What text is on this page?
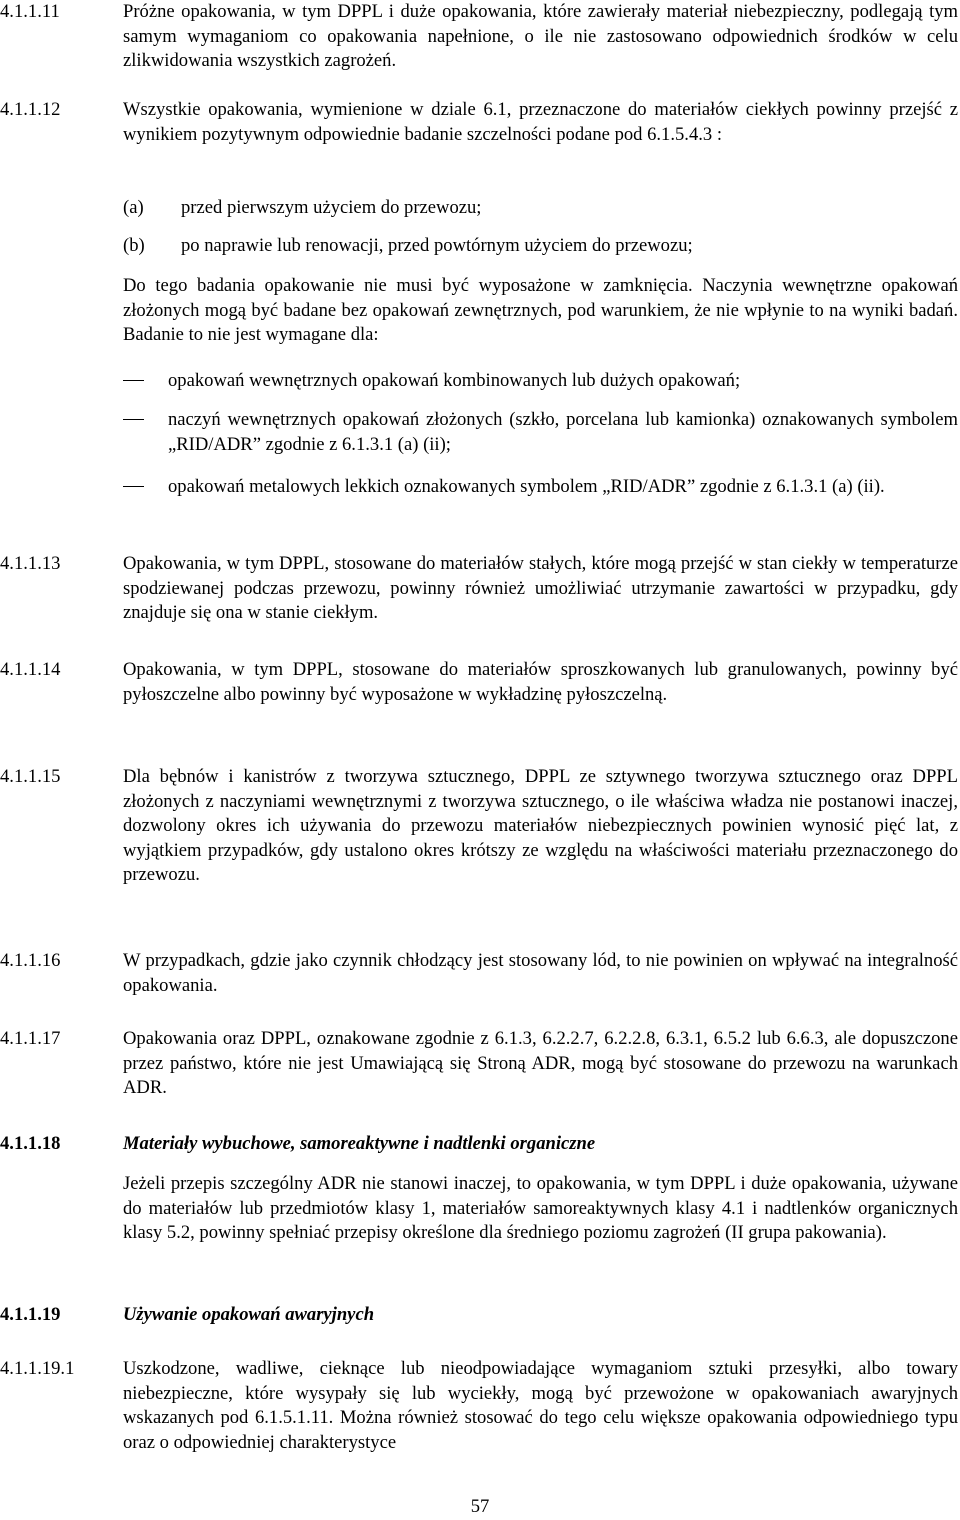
4.1.1.11	Próżne opakowania, w tym DPPL i duże opakowania, które zawierały materiał niebezpieczny, podlegają tym samym wymaganiom co opakowania napełnione, o ile nie zastosowano odpowiednich środków w celu zlikwidowania wszystkich zagrożeń.
4.1.1.12	Wszystkie opakowania, wymienione w dziale 6.1, przeznaczone do materiałów ciekłych powinny przejść z wynikiem pozytywnym odpowiednie badanie szczelności podane pod 6.1.5.4.3 :
(a)	przed pierwszym użyciem do przewozu;
(b)	po naprawie lub renowacji, przed powtórnym użyciem do przewozu;
Do tego badania opakowanie nie musi być wyposażone w zamknięcia. Naczynia wewnętrzne opakowań złożonych mogą być badane bez opakowań zewnętrznych, pod warunkiem, że nie wpłynie to na wyniki badań. Badanie to nie jest wymagane dla:
opakowań wewnętrznych opakowań kombinowanych lub dużych opakowań;
naczyń wewnętrznych opakowań złożonych (szkło, porcelana lub kamionka) oznakowanych symbolem „RID/ADR” zgodnie z 6.1.3.1 (a) (ii);
opakowań metalowych lekkich oznakowanych symbolem „RID/ADR” zgodnie z 6.1.3.1 (a) (ii).
4.1.1.13	Opakowania, w tym DPPL, stosowane do materiałów stałych, które mogą przejść w stan ciekły w temperaturze spodziewanej podczas przewozu, powinny również umożliwiać utrzymanie zawartości w przypadku, gdy znajduje się ona w stanie ciekłym.
4.1.1.14	Opakowania, w tym DPPL, stosowane do materiałów sproszkowanych lub granulowanych, powinny być pyłoszczelne albo powinny być wyposażone w wykładzinę pyłoszczelną.
4.1.1.15	Dla bębnów i kanistrów z tworzywa sztucznego, DPPL ze sztywnego tworzywa sztucznego oraz DPPL złożonych z naczyniami wewnętrznymi z tworzywa sztucznego, o ile właściwa władza nie postanowi inaczej, dozwolony okres ich używania do przewozu materiałów niebezpiecznych powinien wynosić pięć lat, z wyjątkiem przypadków, gdy ustalono okres krótszy ze względu na właściwości materiału przeznaczonego do przewozu.
4.1.1.16	W przypadkach, gdzie jako czynnik chłodzący jest stosowany lód, to nie powinien on wpływać na integralność opakowania.
4.1.1.17	Opakowania oraz DPPL, oznakowane zgodnie z 6.1.3, 6.2.2.7, 6.2.2.8, 6.3.1, 6.5.2 lub 6.6.3, ale dopuszczone przez państwo, które nie jest Umawiającą się Stroną ADR, mogą być stosowane do przewozu na warunkach ADR.
4.1.1.18	Materiały wybuchowe, samoreaktywne i nadtlenki organiczne
Jeżeli przepis szczególny ADR nie stanowi inaczej, to opakowania, w tym DPPL i duże opakowania, używane do materiałów lub przedmiotów klasy 1, materiałów samoreaktywnych klasy 4.1 i nadtlenków organicznych klasy 5.2, powinny spełniać przepisy określone dla średniego poziomu zagrożeń (II grupa pakowania).
4.1.1.19	Używanie opakowań awaryjnych
4.1.1.19.1	Uszkodzone, wadliwe, cieknące lub nieodpowiadające wymaganiom sztuki przesyłki, albo towary niebezpieczne, które wysypały się lub wyciekły, mogą być przewożone w opakowaniach awaryjnych wskazanych pod 6.1.5.1.11. Można również stosować do tego celu większe opakowania odpowiedniego typu oraz o odpowiedniej charakterystyce
57
